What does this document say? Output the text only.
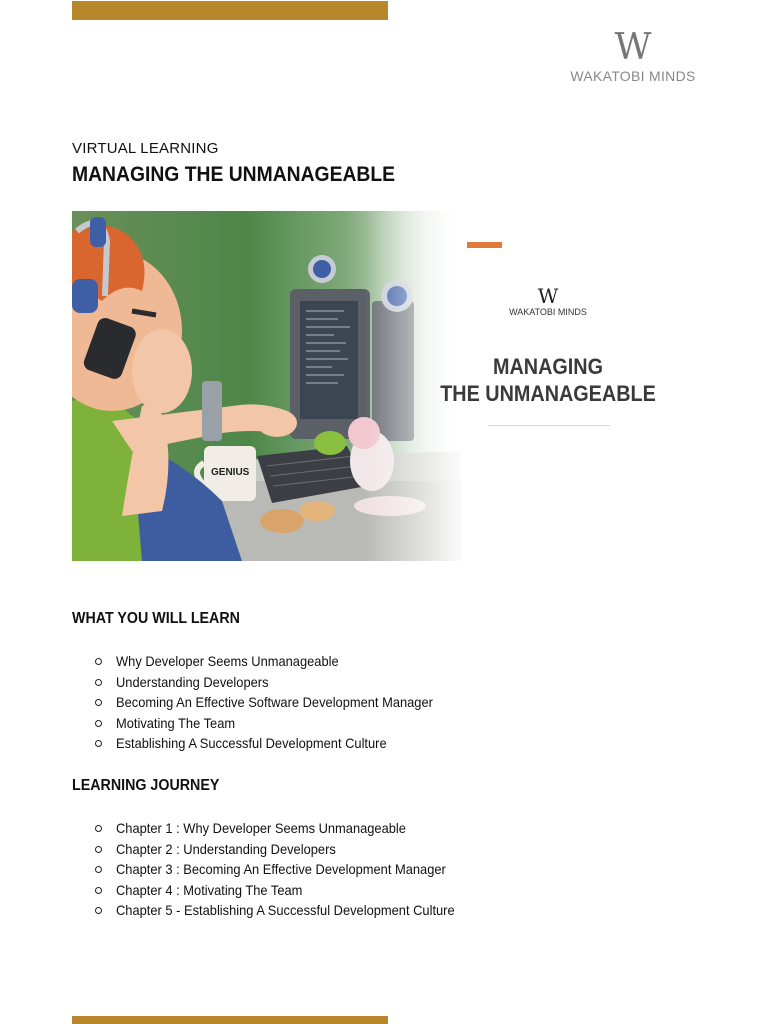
W
WAKATOBI MINDS
VIRTUAL LEARNING
MANAGING THE UNMANAGEABLE
W
WAKATOBI MINDS
MANAGING
THE UNMANAGEABLE
WHAT YOU WILL LEARN
Why Developer Seems Unmanageable
Understanding Developers
Becoming An Effective Software Development Manager
Motivating The Team
Establishing A Successful Development Culture
LEARNING JOURNEY
Chapter 1 : Why Developer Seems Unmanageable
Chapter 2 : Understanding Developers
Chapter 3 : Becoming An Effective Development Manager
Chapter 4 : Motivating The Team
Chapter 5 - Establishing A Successful Development Culture
